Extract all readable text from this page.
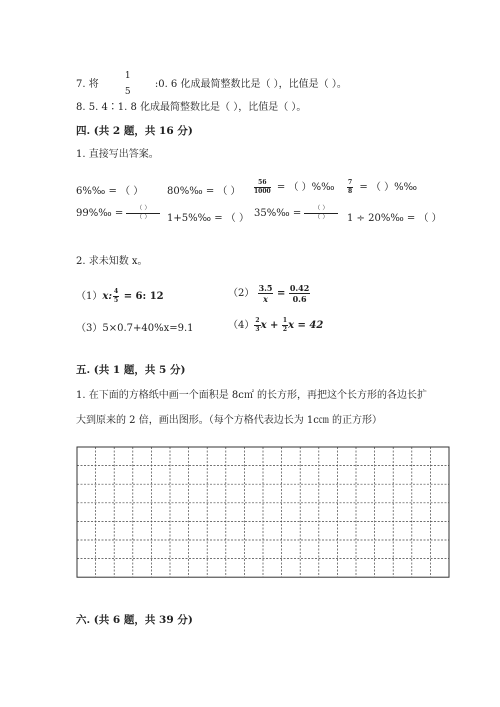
7. 将
1
5
:0. 6 化成最简整数比是（ ），比值是（ ）。
8. 5. 4∶1. 8 化成最简整数比是（ ），比值是（ ）。
四. (共 2 题，共 16 分)
1. 直接写出答案。
6%‰ = （ ） 80%‰ = （ ） $\frac{56}{1000}$ = （ ）%‰ $\frac{7}{8}$ = （ ）%‰
99%‰ = $\frac{( )}{( )}$ 1+5%‰ = （ ） 35%‰ = $\frac{( )}{( )} 1$ ÷ 20%‰ = （ ）
2. 求未知数 x。
（1）x: $\frac{4}{5} = 6$: 12	$(2) \frac{3.5}{x} = \frac{0.42}{0.6}$
（3）5×0.7+40%x=9.1	$(4) \frac{2}{3}$ $x + \frac{1}{2}$ x = 42
五. (共 1 题，共 5 分)
1. 在下面的方格纸中画一个面积是 8c㎡ 的长方形，再把这个长方形的各边长扩
大到原来的 2 倍，画出图形。（每个方格代表边长为 1c㎝ 的正方形）
六. (共 6 题，共 39 分)
